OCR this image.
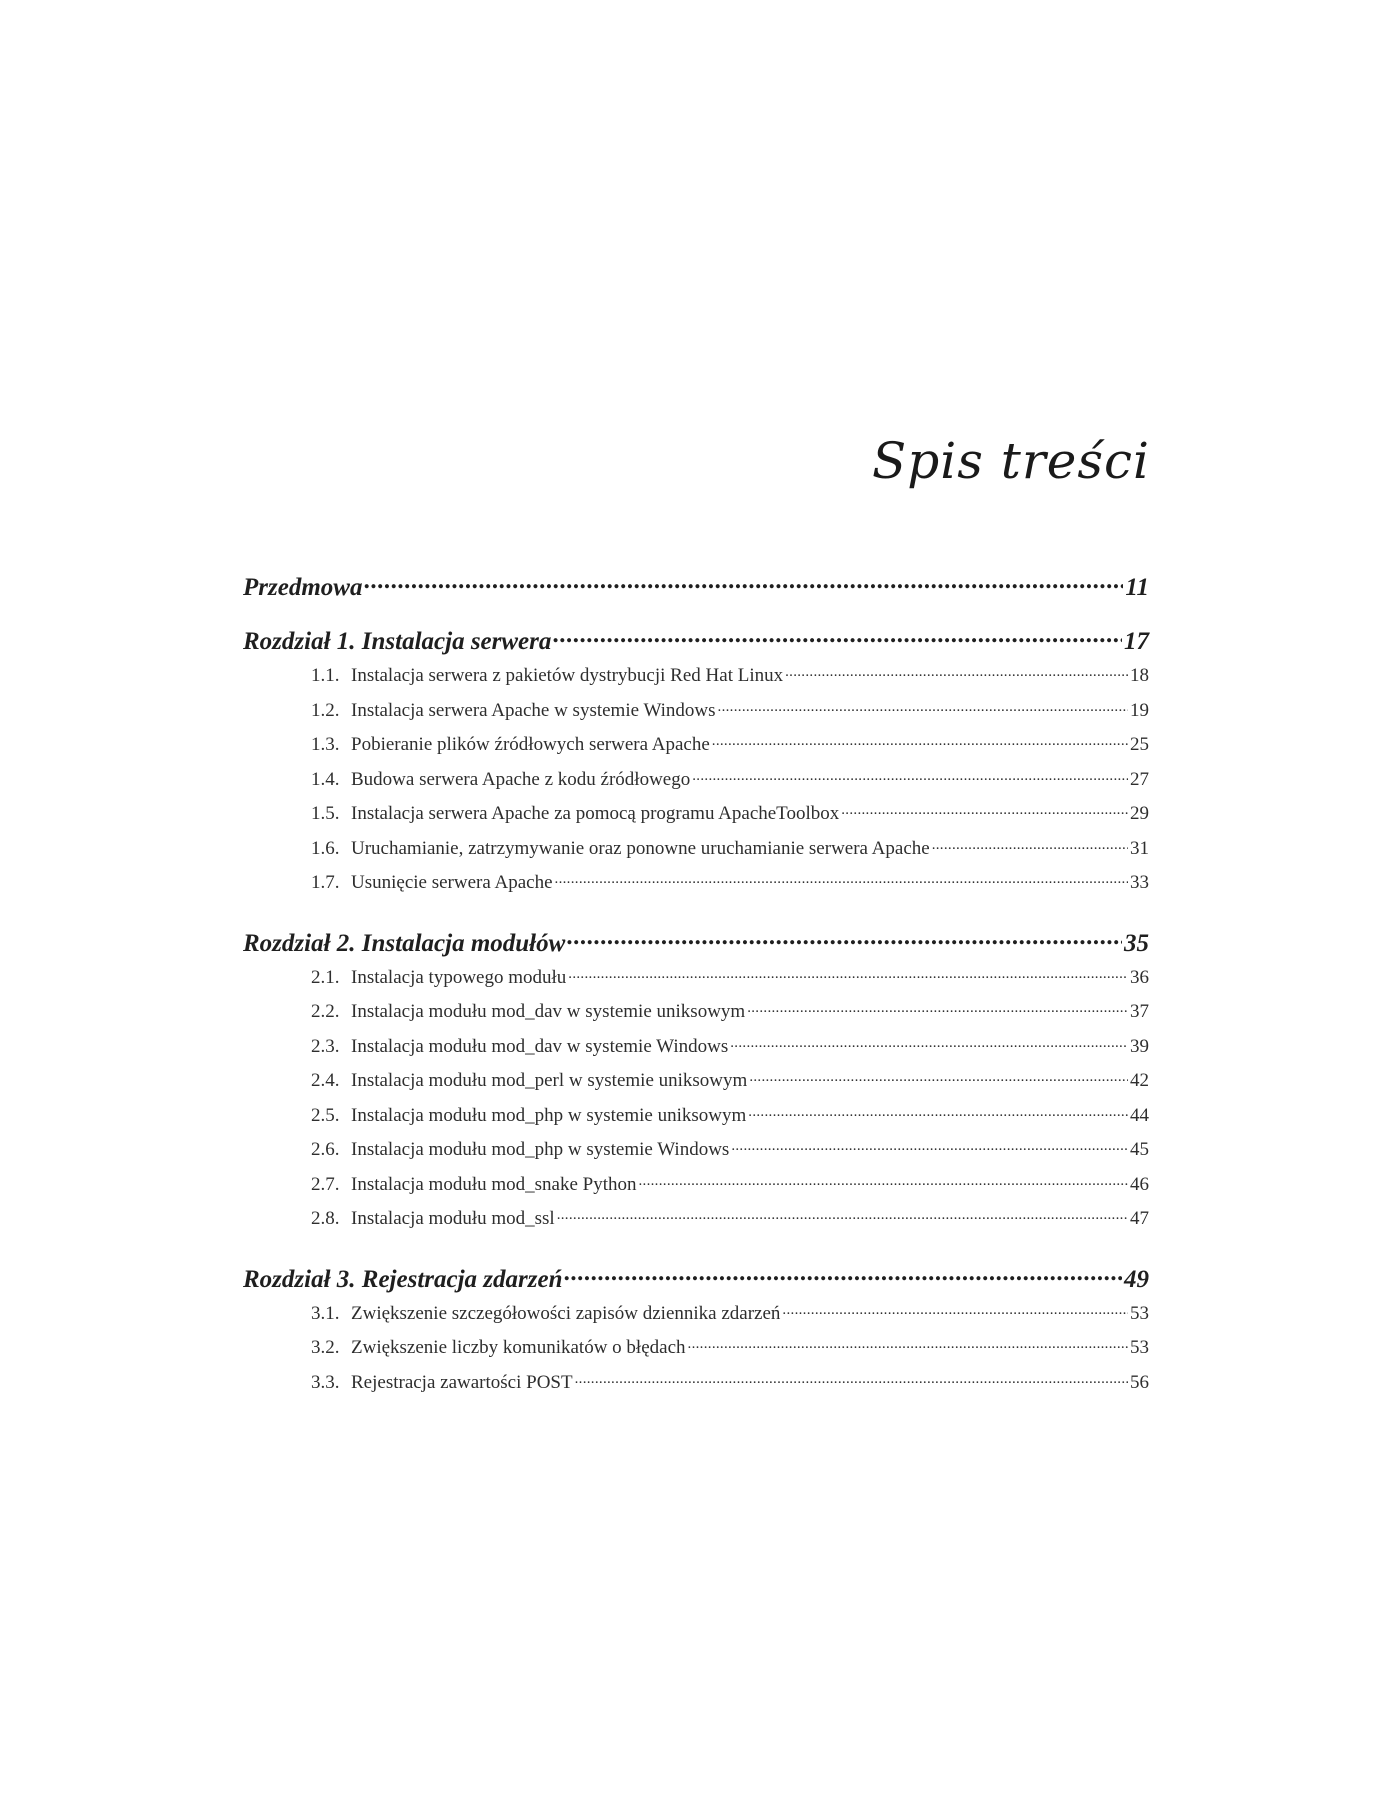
Spis treści
Przedmowa .....	11
Rozdział 1. Instalacja serwera .....	17
1.1. Instalacja serwera z pakietów dystrybucji Red Hat Linux .....	18
1.2. Instalacja serwera Apache w systemie Windows .....	19
1.3. Pobieranie plików źródłowych serwera Apache .....	25
1.4. Budowa serwera Apache z kodu źródłowego .....	27
1.5. Instalacja serwera Apache za pomocą programu ApacheToolbox .....	29
1.6. Uruchamianie, zatrzymywanie oraz ponowne uruchamianie serwera Apache .....	31
1.7. Usunięcie serwera Apache .....	33
Rozdział 2. Instalacja modułów .....	35
2.1. Instalacja typowego modułu .....	36
2.2. Instalacja modułu mod_dav w systemie uniksowym .....	37
2.3. Instalacja modułu mod_dav w systemie Windows .....	39
2.4. Instalacja modułu mod_perl w systemie uniksowym .....	42
2.5. Instalacja modułu mod_php w systemie uniksowym .....	44
2.6. Instalacja modułu mod_php w systemie Windows .....	45
2.7. Instalacja modułu mod_snake Python .....	46
2.8. Instalacja modułu mod_ssl .....	47
Rozdział 3. Rejestracja zdarzeń .....	49
3.1. Zwiększenie szczegółowości zapisów dziennika zdarzeń .....	53
3.2. Zwiększenie liczby komunikatów o błędach .....	53
3.3. Rejestracja zawartości POST .....	56
